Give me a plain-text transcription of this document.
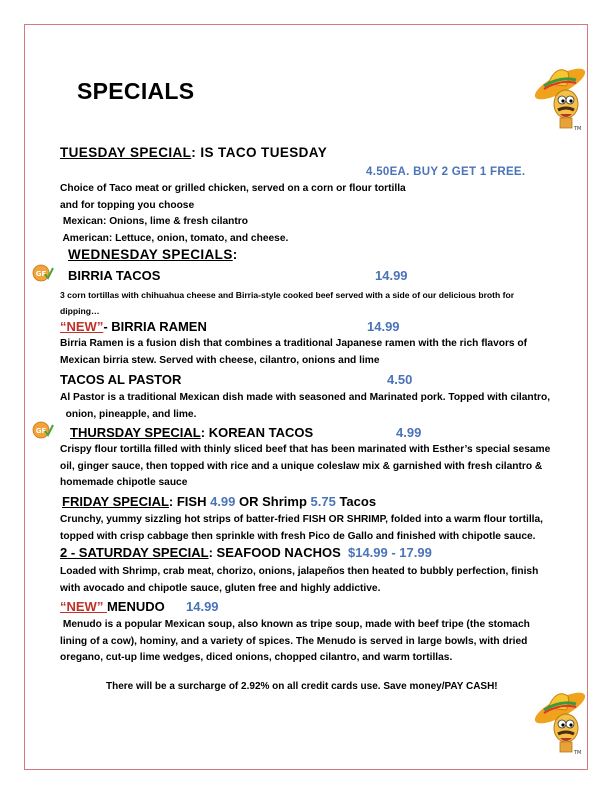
TM
TM
SPECIALS
TUESDAY SPECIAL: IS TACO TUESDAY
4.50EA. BUY 2 GET 1 FREE.
Choice of Taco meat or grilled chicken, served on a corn or flour tortilla
and for topping you choose
Mexican: Onions, lime & fresh cilantro
American: Lettuce, onion, tomato, and cheese.
WEDNESDAY SPECIALS:
GF BIRRIA TACOS	14.99
3 corn tortillas with chihuahua cheese and Birria-style cooked beef served with a side of our delicious broth for
dipping…
“NEW”- BIRRIA RAMEN	14.99
Birria Ramen is a fusion dish that combines a traditional Japanese ramen with the rich flavors of
Mexican birria stew. Served with cheese, cilantro, onions and lime
TACOS AL PASTOR	4.50
Al Pastor is a traditional Mexican dish made with seasoned and Marinated pork. Topped with cilantro,
onion, pineapple, and lime.
GF THURSDAY SPECIAL: KOREAN TACOS	4.99
Crispy flour tortilla filled with thinly sliced beef that has been marinated with Esther’s special sesame
oil, ginger sauce, then topped with rice and a unique coleslaw mix & garnished with fresh cilantro &
homemade chipotle sauce
FRIDAY SPECIAL: FISH 4.99 OR Shrimp 5.75 Tacos
Crunchy, yummy sizzling hot strips of batter-fried FISH OR SHRIMP, folded into a warm flour tortilla,
topped with crisp cabbage then sprinkle with fresh Pico de Gallo and finished with chipotle sauce.
2 - SATURDAY SPECIAL: SEAFOOD NACHOS  $14.99 - 17.99
Loaded with Shrimp, crab meat, chorizo, onions, jalapeños then heated to bubbly perfection, finish
with avocado and chipotle sauce, gluten free and highly addictive.
“NEW” MENUDO 14.99
Menudo is a popular Mexican soup, also known as tripe soup, made with beef tripe (the stomach
lining of a cow), hominy, and a variety of spices. The Menudo is served in large bowls, with dried
oregano, cut-up lime wedges, diced onions, chopped cilantro, and warm tortillas.
There will be a surcharge of 2.92% on all credit cards use. Save money/PAY CASH!
